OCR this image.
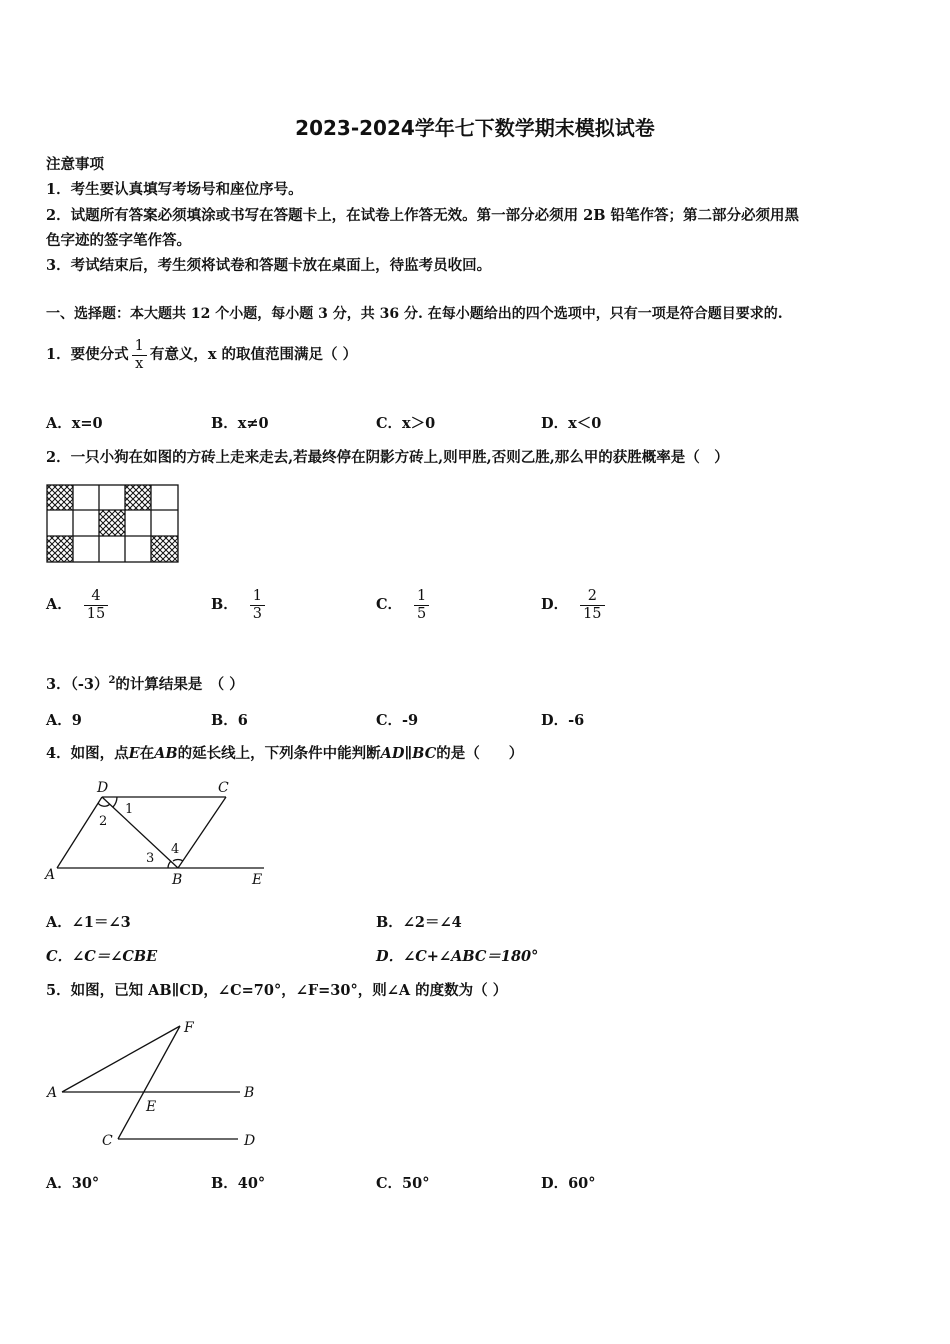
2023-2024学年七下数学期末模拟试卷
注意事项
1．考生要认真填写考场号和座位序号。
2．试题所有答案必须填涂或书写在答题卡上，在试卷上作答无效。第一部分必须用 2B 铅笔作答；第二部分必须用黑
色字迹的签字笔作答。
3．考试结束后，考生须将试卷和答题卡放在桌面上，待监考员收回。
一、选择题：本大题共 12 个小题，每小题 3 分，共 36 分. 在每小题给出的四个选项中，只有一项是符合题目要求的.
1．要使分式 $\frac{1}{x}$ 有意义，x 的取值范围满足（ ）
A．x=0	B．x≠0	C．x＞0	D．x＜0
2．一只小狗在如图的方砖上走来走去,若最终停在阴影方砖上,则甲胜,否则乙胜,那么甲的获胜概率是（　）
A． $\frac{4}{15}$	B． $\frac{1}{3}$	C． $\frac{1}{5}$	D． $\frac{2}{15}$
3．$(-3)^2$的计算结果是　（ ）
A．9	B．6	C．-9	D．-6
4．如图，点E在AB的延长线上，下列条件中能判断AD∥BC的是（　　）
D	C
A	B	E
1
2
3
4
A．∠1＝∠3	B．∠2＝∠4
C．∠C＝∠CBE	D．∠C+∠ABC＝180°
5．如图，已知 AB∥CD，∠C=70°，∠F=30°，则∠A 的度数为（ ）
F
A	B
E
C	D
A．30°	B．40°	C．50°	D．60°
